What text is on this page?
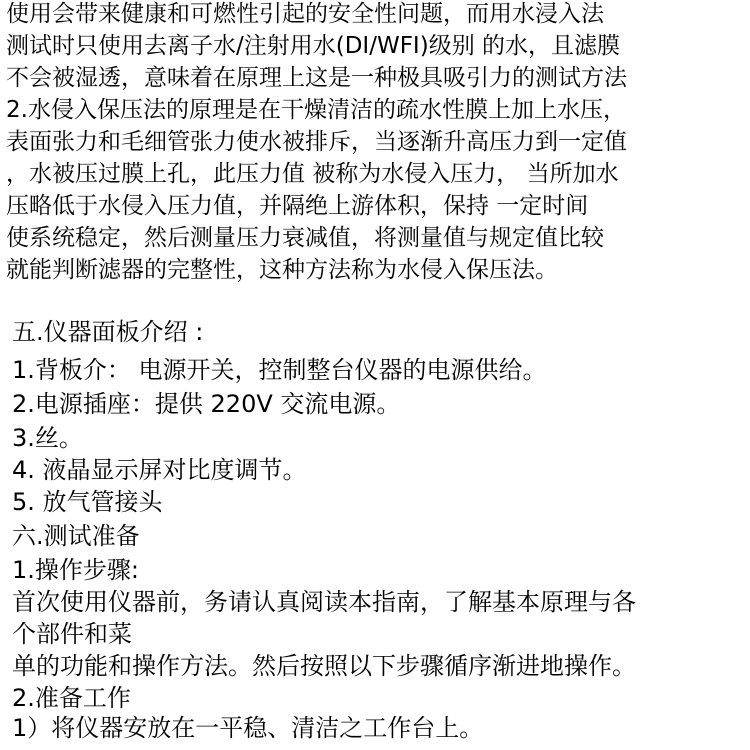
使用会带来健康和可燃性引起的安全性问题，而用水浸入法

测试时只使用去离子水/注射用水(DI/WFI)级别 的水，且滤膜

不会被湿透，意味着在原理上这是一种极具吸引力的测试方法

2.水侵入保压法的原理是在干燥清洁的疏水性膜上加上水压，

表面张力和毛细管张力使水被排斥，当逐渐升高压力到一定值

，水被压过膜上孔，此压力值 被称为水侵入压力， 当所加水

压略低于水侵入压力值，并隔绝上游体积，保持 一定时间

使系统稳定，然后测量压力衰减值，将测量值与规定值比较

就能判断滤器的完整性，这种方法称为水侵入保压法。

五.仪器面板介绍 :

1.背板介： 电源开关，控制整台仪器的电源供给。

2.电源插座：提供 220V 交流电源。

3.丝。

4. 液晶显示屏对比度调节。

5. 放气管接头

六.测试准备

1.操作步骤:

首次使用仪器前，务请认真阅读本指南，了解基本原理与各

个部件和菜

单的功能和操作方法。然后按照以下步骤循序渐进地操作。

2.准备工作

1）将仪器安放在一平稳、清洁之工作台上。
